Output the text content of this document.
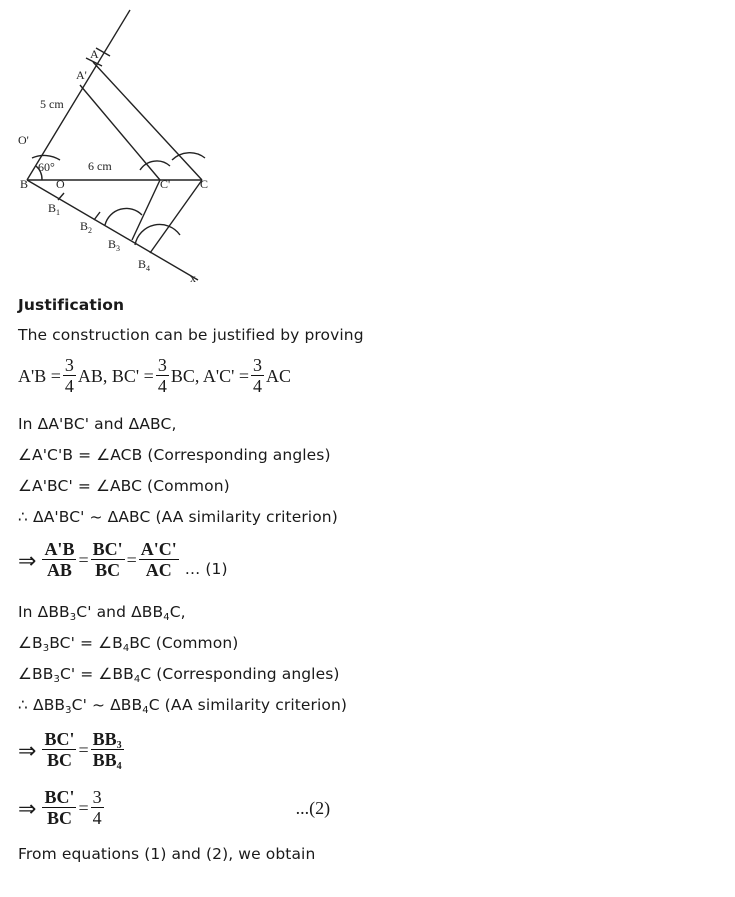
A
A'
5 cm
O'
60°	6 cm
B O	C' C
$B_1$
$B_2$
$B_3$
$B_4$
x
Justification
The construction can be justified by proving
$A'B = \frac{3}{4}$ AB, $BC' = \frac{3}{4}$ BC, $A'C' = \frac{3}{4}$ AC
In ΔA'BC' and ΔABC,
∠A'C'B = ∠ACB (Corresponding angles)
∠A'BC' = ∠ABC (Common)
∴ ΔA'BC' ~ ΔABC (AA similarity criterion)
⇒ $\frac{A'B}{AB} = \frac{BC'}{BC} = \frac{A'C'}{AC}$ … (1)
In $\Delta BB_3C'$ and $\Delta BB_4C$,
$\angle B_3BC'$ = $\angle B_4BC$ (Common)
$\angle BB_3C'$ = $\angle BB_4C$ (Corresponding angles)
∴ $\Delta BB_3C'$ ~ $\Delta BB_4C$ (AA similarity criterion)
⇒ $\frac{BC'}{BC} = \frac{BB_3}{BB_4}$
⇒ $\frac{BC'}{BC} = \frac{3}{4}$	...(2)
From equations (1) and (2), we obtain
